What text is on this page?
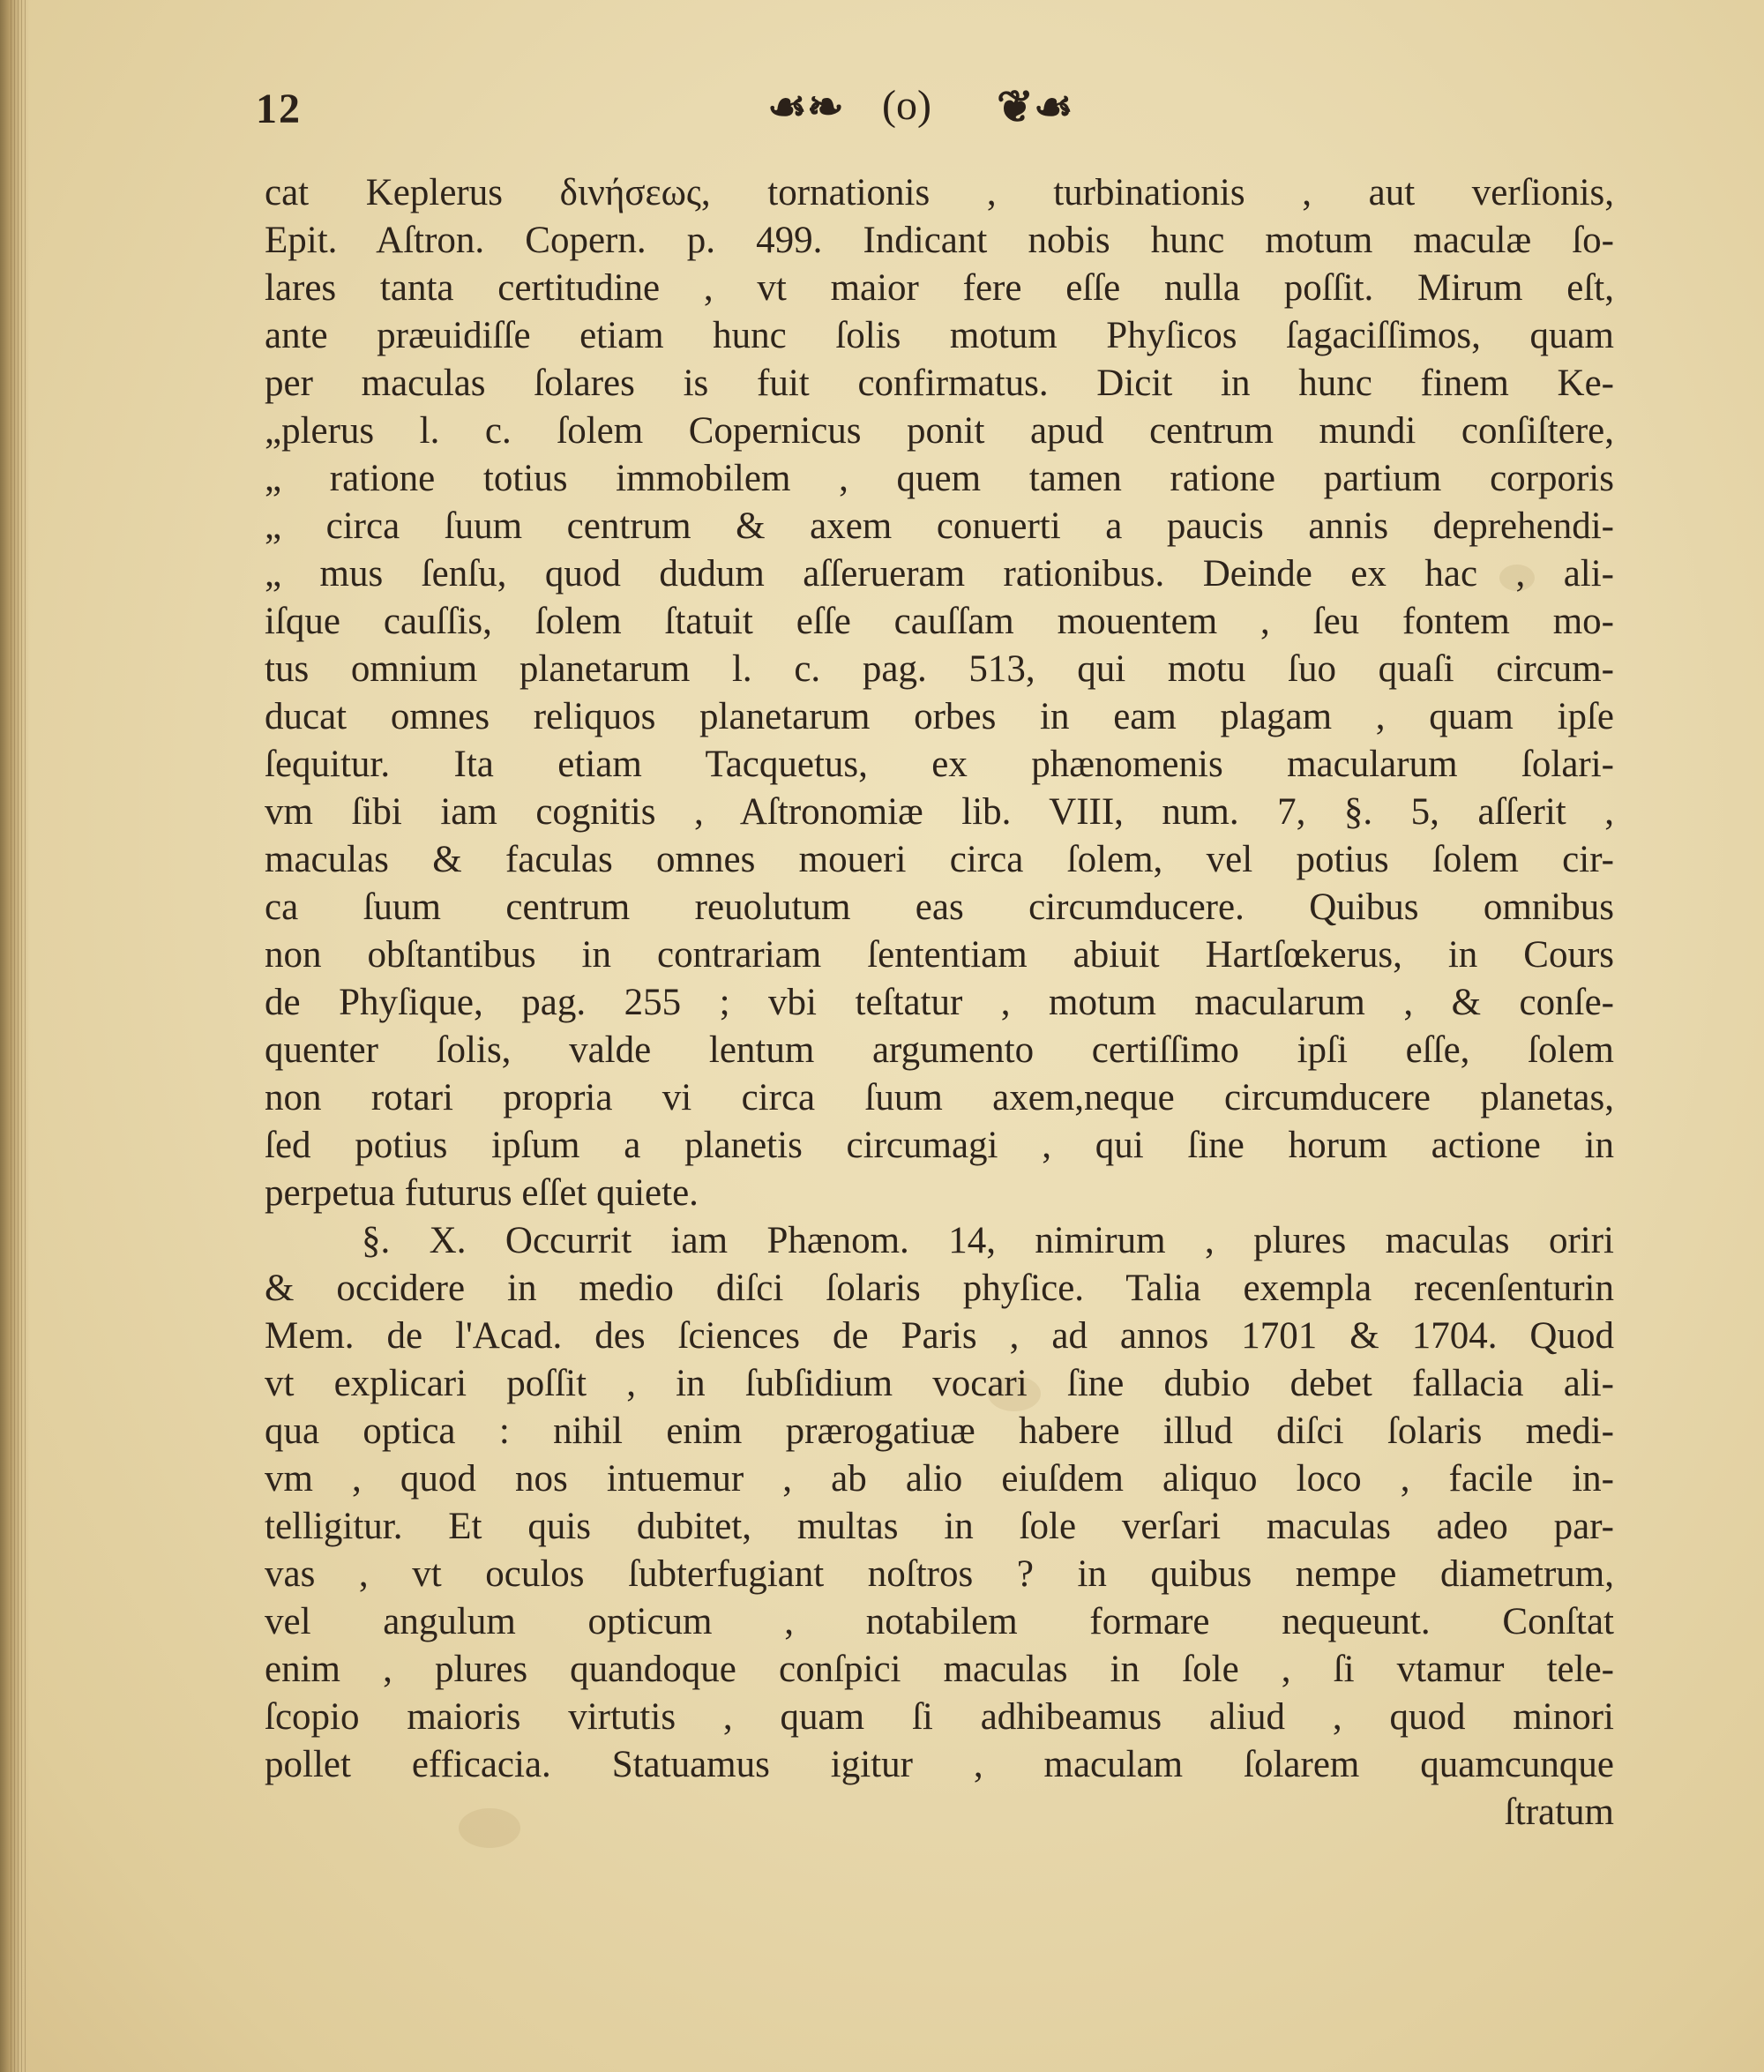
12	☙❧ (o) ❦☙
cat Keplerus δινήσεως, tornationis , turbinationis , aut verſionis,
Epit. Aſtron. Copern. p. 499. Indicant nobis hunc motum maculæ ſo-
lares tanta certitudine , vt maior fere eſſe nulla poſſit. Mirum eſt,
ante præuidiſſe etiam hunc ſolis motum Phyſicos ſagaciſſimos, quam
per maculas ſolares is fuit confirmatus. Dicit in hunc finem Ke-
„plerus l. c. ſolem Copernicus ponit apud centrum mundi conſiſtere,
„ ratione totius immobilem , quem tamen ratione partium corporis
„ circa ſuum centrum & axem conuerti a paucis annis deprehendi-
„ mus ſenſu, quod dudum aſſerueram rationibus. Deinde ex hac , ali-
iſque cauſſis, ſolem ſtatuit eſſe cauſſam mouentem , ſeu fontem mo-
tus omnium planetarum l. c. pag. 513, qui motu ſuo quaſi circum-
ducat omnes reliquos planetarum orbes in eam plagam , quam ipſe
ſequitur. Ita etiam Tacquetus, ex phænomenis macularum ſolari-
vm ſibi iam cognitis , Aſtronomiæ lib. VIII, num. 7, §. 5, aſſerit ,
maculas & faculas omnes moueri circa ſolem, vel potius ſolem cir-
ca ſuum centrum reuolutum eas circumducere. Quibus omnibus
non obſtantibus in contrariam ſententiam abiuit Hartſœkerus, in Cours
de Phyſique, pag. 255 ; vbi teſtatur , motum macularum , & conſe-
quenter ſolis, valde lentum argumento certiſſimo ipſi eſſe, ſolem
non rotari propria vi circa ſuum axem,neque circumducere planetas,
ſed potius ipſum a planetis circumagi , qui ſine horum actione in
perpetua futurus eſſet quiete.
§. X. Occurrit iam Phænom. 14, nimirum , plures maculas oriri
& occidere in medio diſci ſolaris phyſice. Talia exempla recenſenturin
Mem. de l'Acad. des ſciences de Paris , ad annos 1701 & 1704. Quod
vt explicari poſſit , in ſubſidium vocari ſine dubio debet fallacia ali-
qua optica : nihil enim prærogatiuæ habere illud diſci ſolaris medi-
vm , quod nos intuemur , ab alio eiuſdem aliquo loco , facile in-
telligitur. Et quis dubitet, multas in ſole verſari maculas adeo par-
vas , vt oculos ſubterfugiant noſtros ? in quibus nempe diametrum,
vel angulum opticum , notabilem formare nequeunt. Conſtat
enim , plures quandoque conſpici maculas in ſole , ſi vtamur tele-
ſcopio maioris virtutis , quam ſi adhibeamus aliud , quod minori
pollet efficacia. Statuamus igitur , maculam ſolarem quamcunque
ſtratum
